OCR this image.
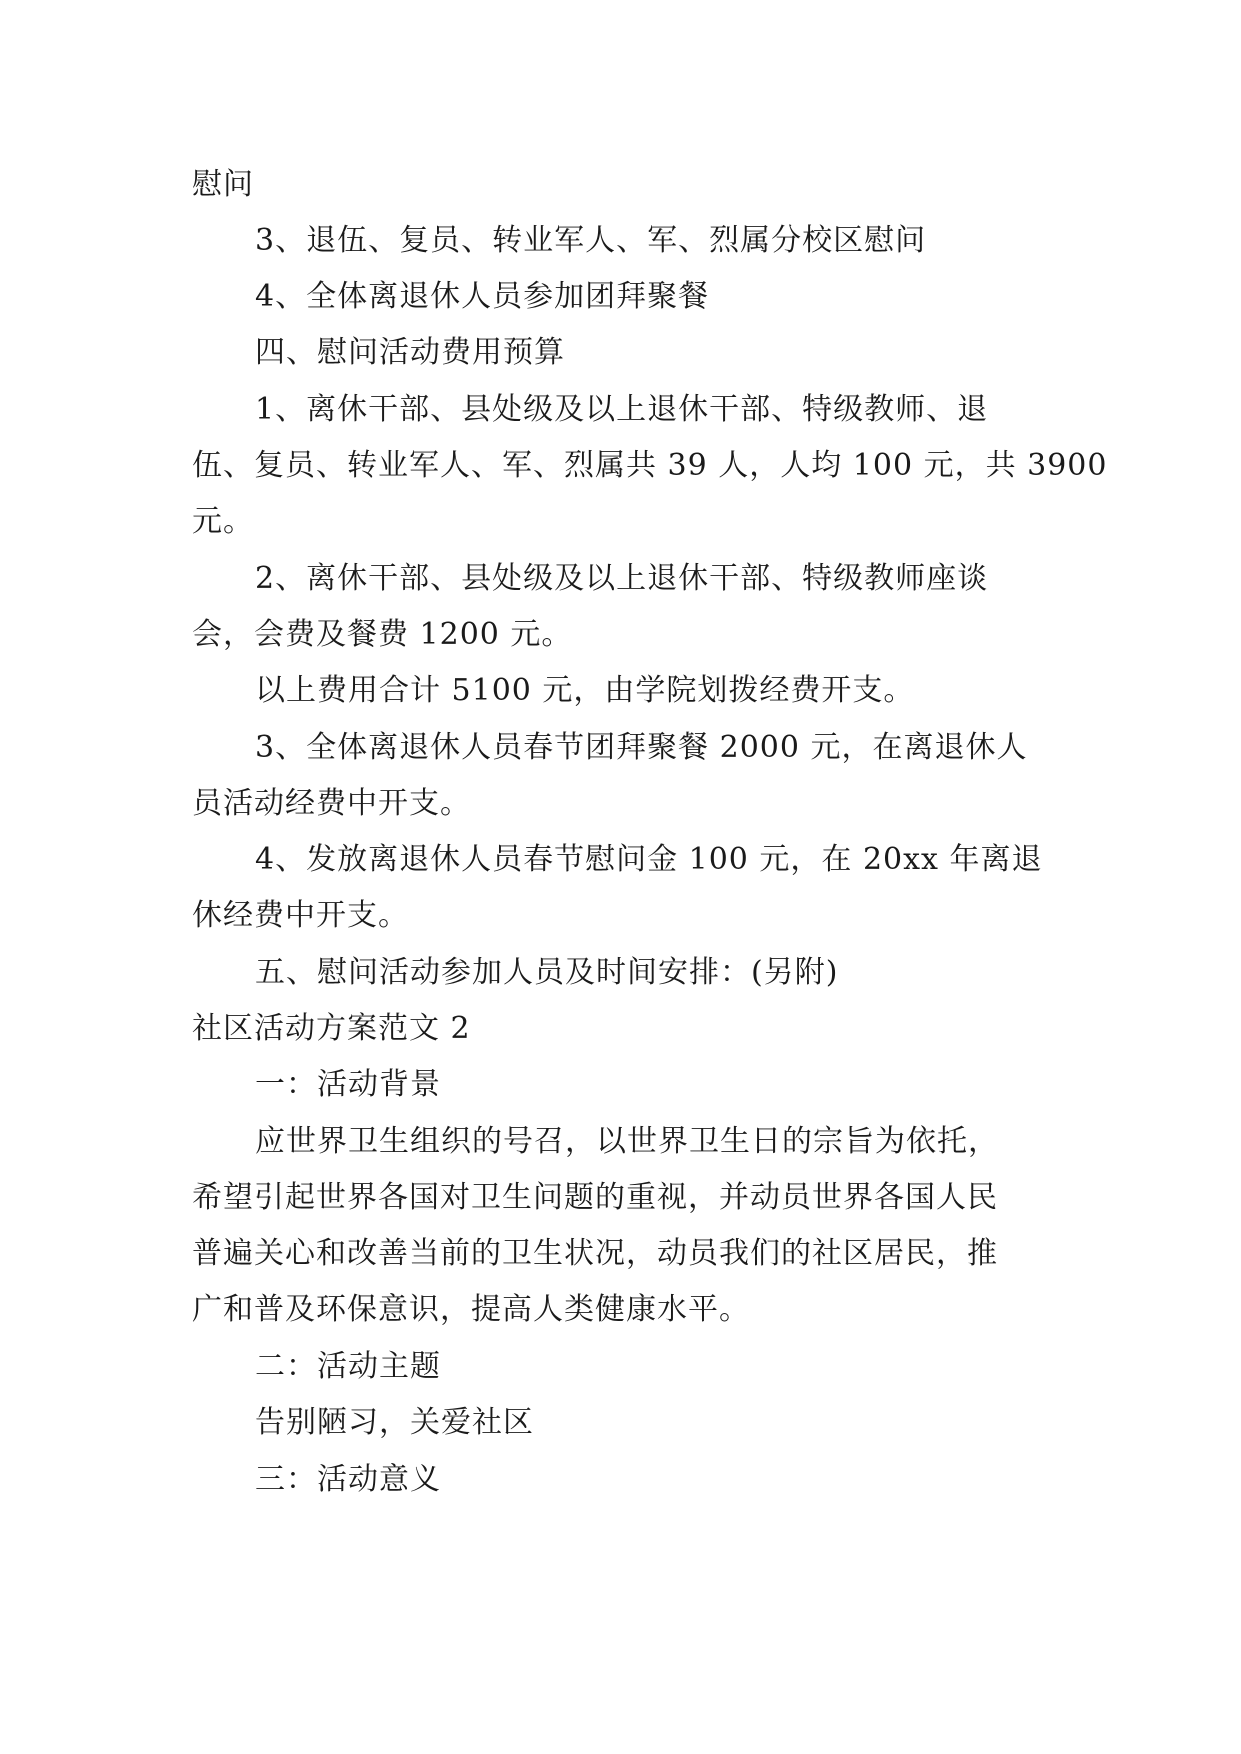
慰问
3、退伍、复员、转业军人、军、烈属分校区慰问
4、全体离退休人员参加团拜聚餐
四、慰问活动费用预算
1、离休干部、县处级及以上退休干部、特级教师、退
伍、复员、转业军人、军、烈属共 39 人，人均 100 元，共 3900
元。
2、离休干部、县处级及以上退休干部、特级教师座谈
会，会费及餐费 1200 元。
以上费用合计 5100 元，由学院划拨经费开支。
3、全体离退休人员春节团拜聚餐 2000 元，在离退休人
员活动经费中开支。
4、发放离退休人员春节慰问金 100 元，在 20xx 年离退
休经费中开支。
五、慰问活动参加人员及时间安排：(另附)
社区活动方案范文 2
一：活动背景
应世界卫生组织的号召，以世界卫生日的宗旨为依托，
希望引起世界各国对卫生问题的重视，并动员世界各国人民
普遍关心和改善当前的卫生状况，动员我们的社区居民，推
广和普及环保意识，提高人类健康水平。
二：活动主题
告别陋习，关爱社区
三：活动意义
